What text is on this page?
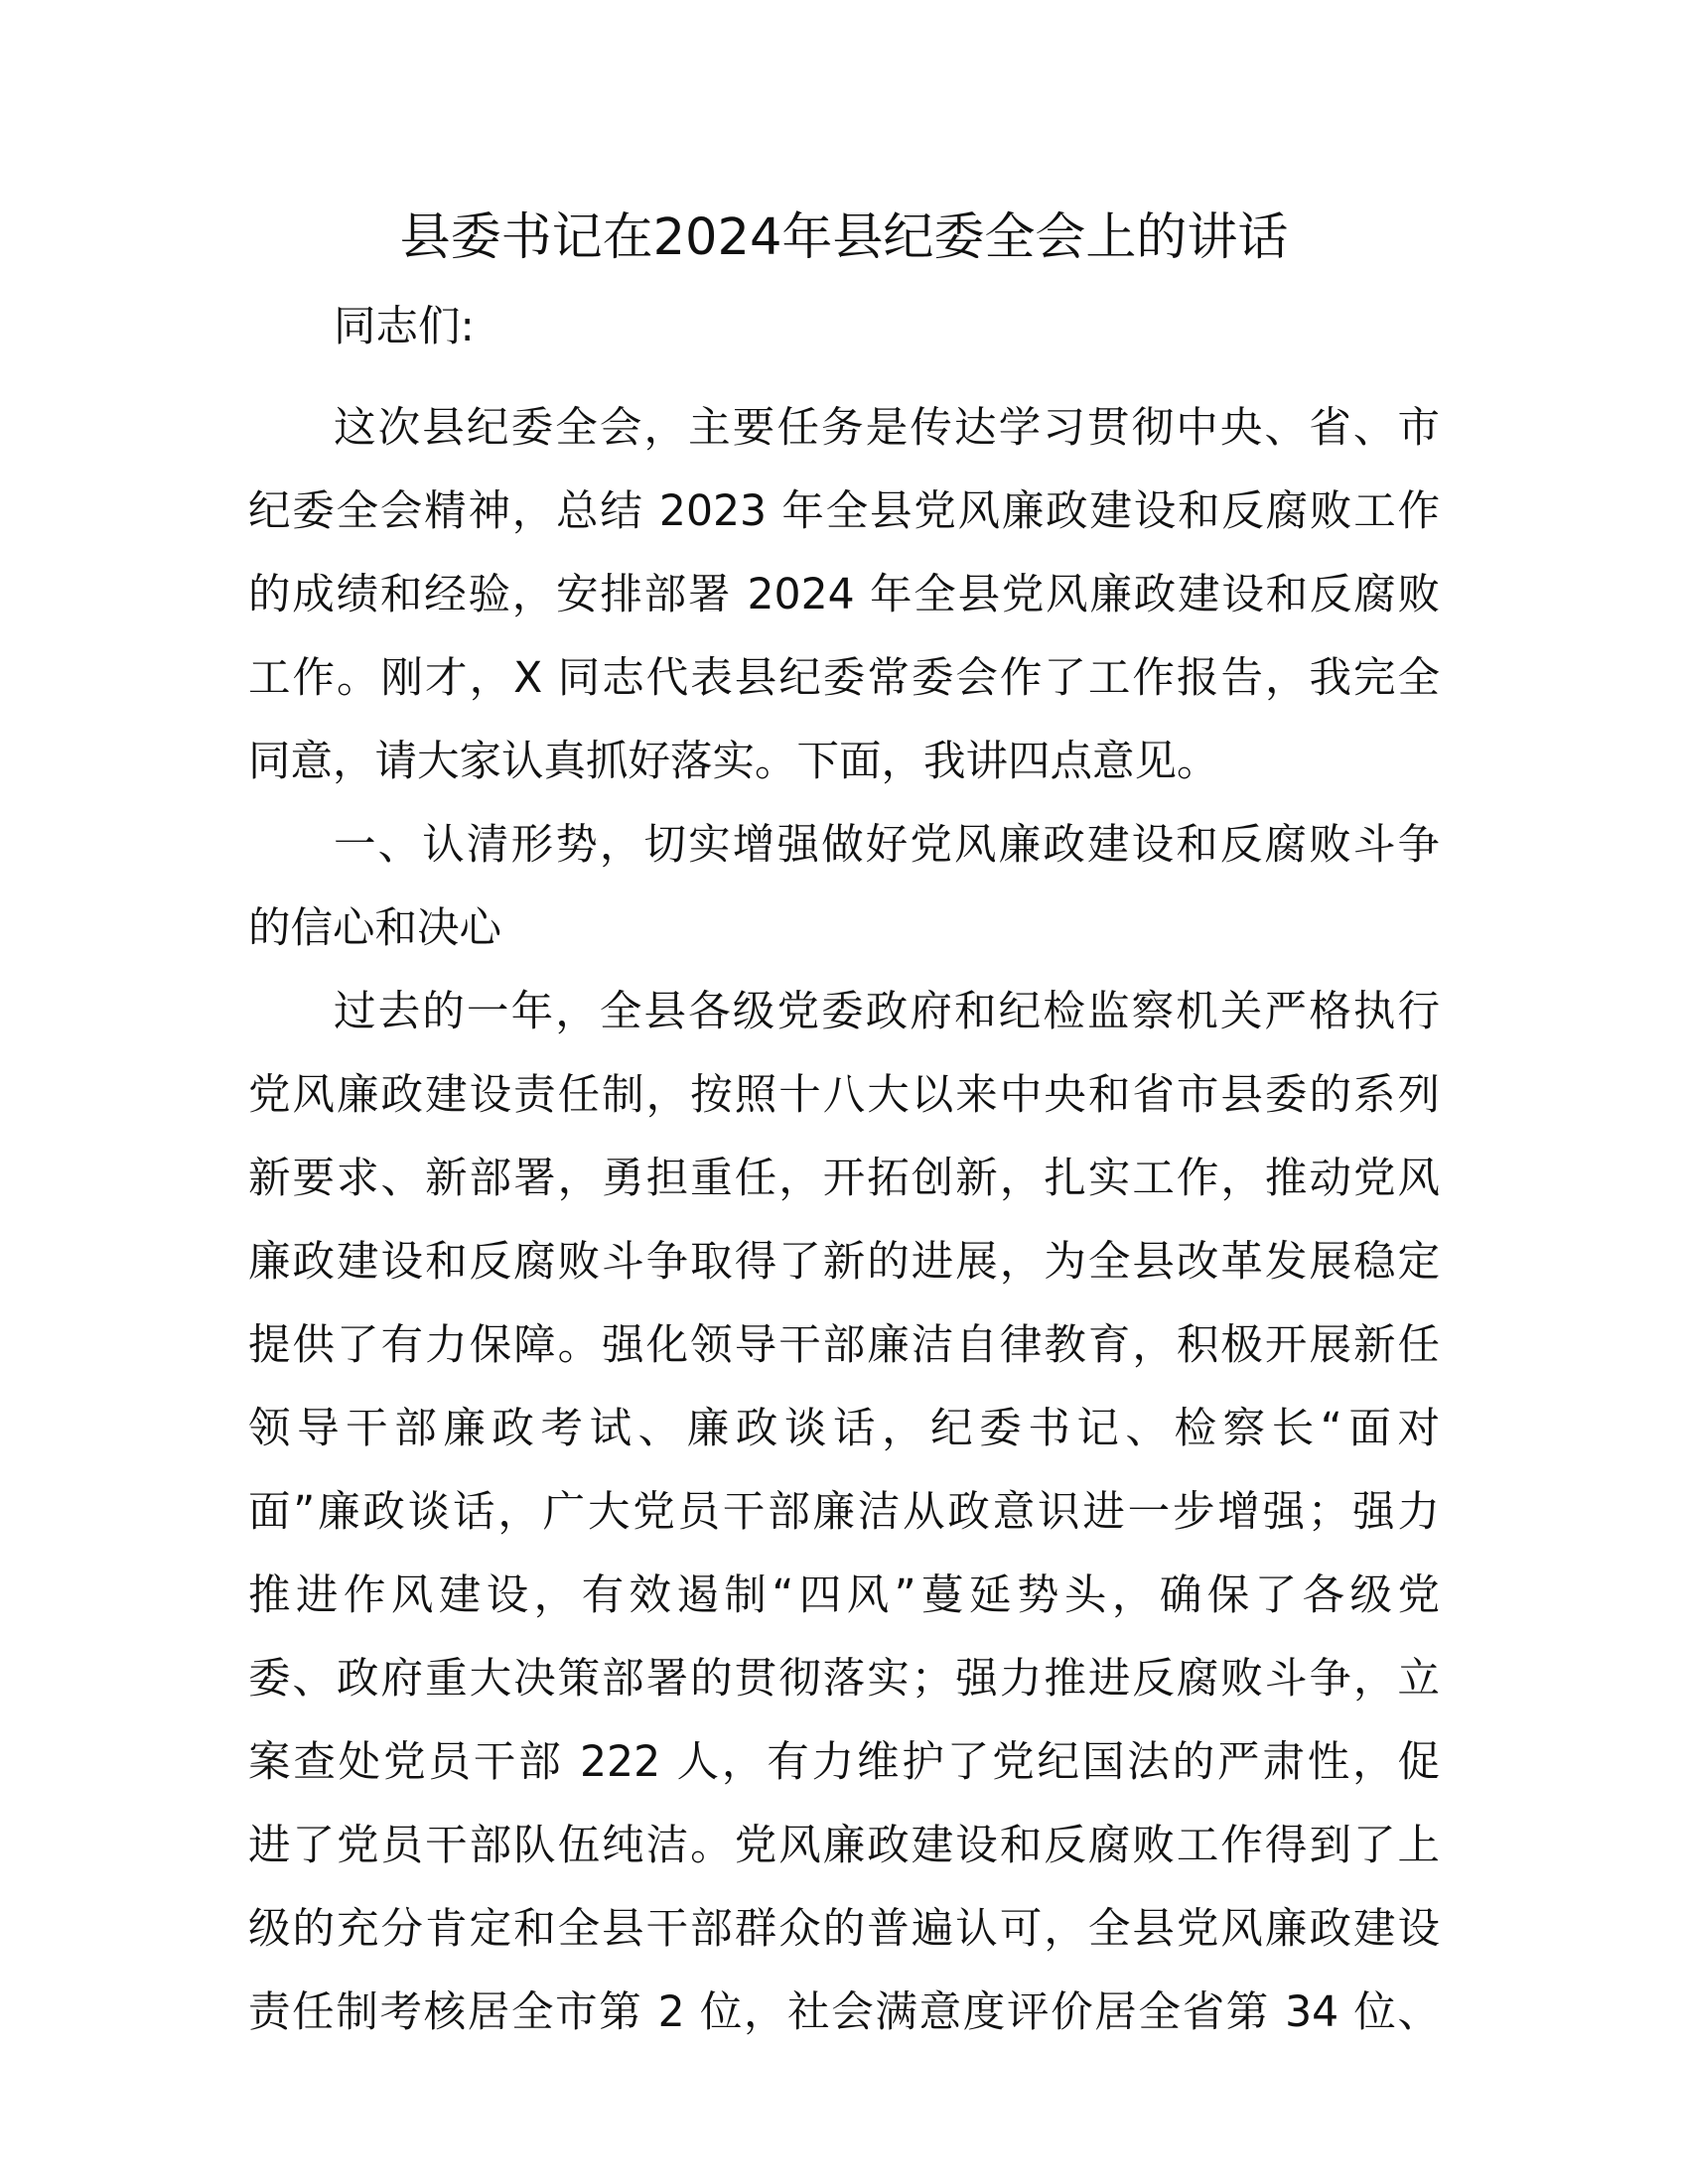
县委书记在2024年县纪委全会上的讲话

同志们:

这次县纪委全会，主要任务是传达学习贯彻中央、省、市

纪委全会精神，总结 2023 年全县党风廉政建设和反腐败工作

的成绩和经验，安排部署 2024 年全县党风廉政建设和反腐败

工作。刚才，X 同志代表县纪委常委会作了工作报告，我完全

同意，请大家认真抓好落实。下面，我讲四点意见。

一、认清形势，切实增强做好党风廉政建设和反腐败斗争

的信心和决心

过去的一年，全县各级党委政府和纪检监察机关严格执行

党风廉政建设责任制，按照十八大以来中央和省市县委的系列

新要求、新部署，勇担重任，开拓创新，扎实工作，推动党风

廉政建设和反腐败斗争取得了新的进展，为全县改革发展稳定

提供了有力保障。强化领导干部廉洁自律教育，积极开展新任

领导干部廉政考试、廉政谈话，纪委书记、检察长“面对

面”廉政谈话，广大党员干部廉洁从政意识进一步增强；强力

推进作风建设，有效遏制“四风”蔓延势头，确保了各级党

委、政府重大决策部署的贯彻落实；强力推进反腐败斗争，立

案查处党员干部 222 人，有力维护了党纪国法的严肃性，促

进了党员干部队伍纯洁。党风廉政建设和反腐败工作得到了上

级的充分肯定和全县干部群众的普遍认可，全县党风廉政建设

责任制考核居全市第 2 位，社会满意度评价居全省第 34 位、
